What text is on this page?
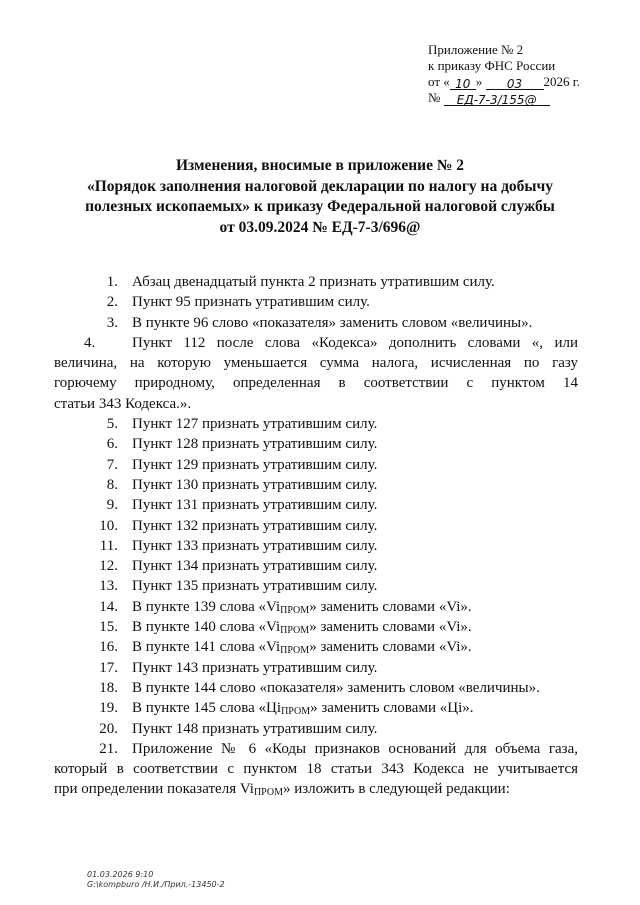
Приложение № 2
к приказу ФНС России
от « 10 » 03 2026 г.
№ ЕД-7-3/155@
Изменения, вносимые в приложение № 2
«Порядок заполнения налоговой декларации по налогу на добычу
полезных ископаемых» к приказу Федеральной налоговой службы
от 03.09.2024 № ЕД-7-3/696@
1. Абзац двенадцатый пункта 2 признать утратившим силу.
2. Пункт 95 признать утратившим силу.
3. В пункте 96 слово «показателя» заменить словом «величины».
4.	Пункт 112 после слова «Кодекса» дополнить словами «, или
величина, на которую уменьшается сумма налога, исчисленная по газу
горючему природному, определенная в соответствии с пунктом 14
статьи 343 Кодекса.».
5. Пункт 127 признать утратившим силу.
6. Пункт 128 признать утратившим силу.
7. Пункт 129 признать утратившим силу.
8. Пункт 130 признать утратившим силу.
9. Пункт 131 признать утратившим силу.
10. Пункт 132 признать утратившим силу.
11. Пункт 133 признать утратившим силу.
12. Пункт 134 признать утратившим силу.
13. Пункт 135 признать утратившим силу.
14. В пункте 139 слова «$Vi_{ПРОМ}$» заменить словами «Vi».
15. В пункте 140 слова «$Vi_{ПРОМ}$» заменить словами «Vi».
16. В пункте 141 слова «$Vi_{ПРОМ}$» заменить словами «Vi».
17. Пункт 143 признать утратившим силу.
18. В пункте 144 слово «показателя» заменить словом «величины».
19. В пункте 145 слова «$Цi_{ПРОМ}$» заменить словами «Цi».
20. Пункт 148 признать утратившим силу.
21. Приложение № 6 «Коды признаков оснований для объема газа,
который в соответствии с пунктом 18 статьи 343 Кодекса не учитывается
при определении показателя $Vi_{ПРОМ}$» изложить в следующей редакции:
01.03.2026 9:10
G:\kompburo /Н.И./Прил.-13450-2
